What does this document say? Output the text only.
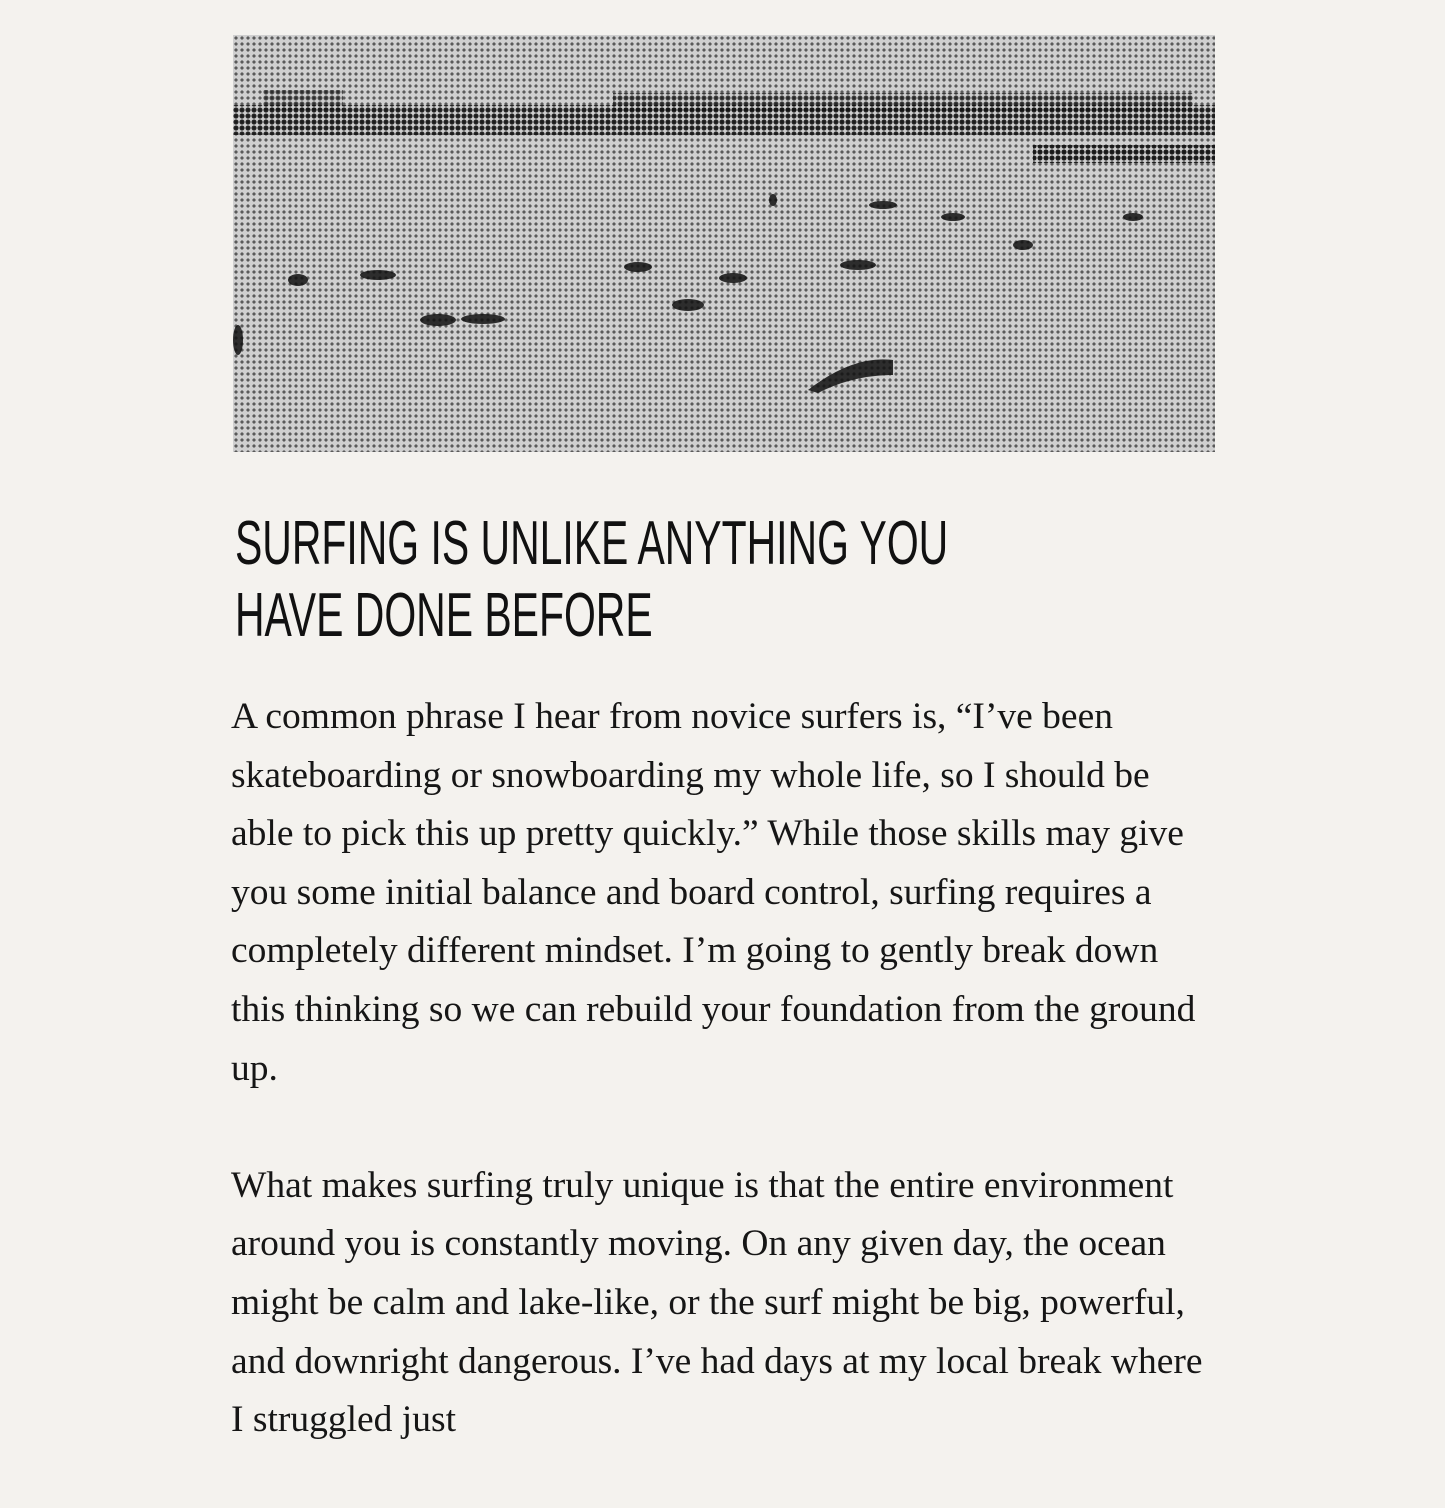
SURFING IS UNLIKE ANYTHING YOU HAVE DONE BEFORE

A common phrase I hear from novice surfers is, “I’ve been skateboarding or snowboarding my whole life, so I should be able to pick this up pretty quickly.” While those skills may give you some initial balance and board control, surfing requires a completely different mindset. I’m going to gently break down this thinking so we can rebuild your foundation from the ground up.

What makes surfing truly unique is that the entire environment around you is constantly moving. On any given day, the ocean might be calm and lake-like, or the surf might be big, powerful, and downright dangerous. I’ve had days at my local break where I struggled just
